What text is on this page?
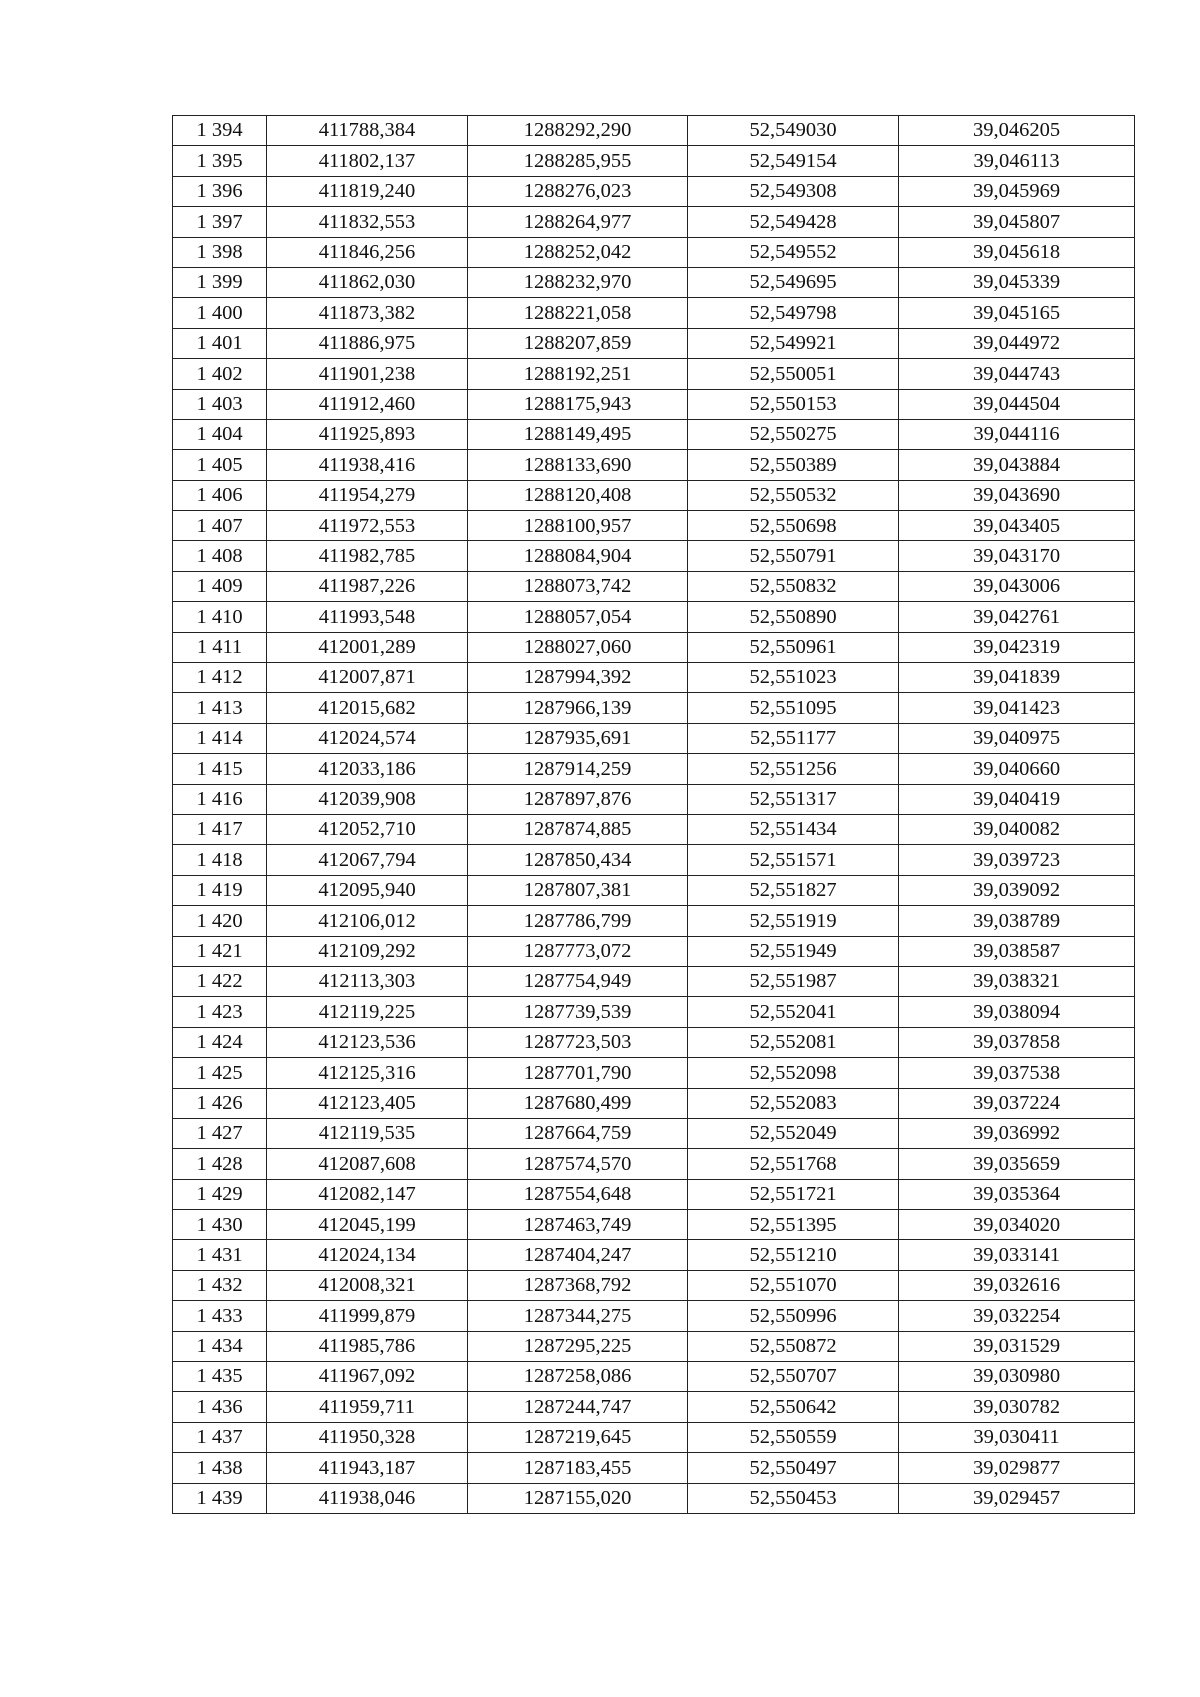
1 394	411788,384	1288292,290	52,549030	39,046205
1 395	411802,137	1288285,955	52,549154	39,046113
1 396	411819,240	1288276,023	52,549308	39,045969
1 397	411832,553	1288264,977	52,549428	39,045807
1 398	411846,256	1288252,042	52,549552	39,045618
1 399	411862,030	1288232,970	52,549695	39,045339
1 400	411873,382	1288221,058	52,549798	39,045165
1 401	411886,975	1288207,859	52,549921	39,044972
1 402	411901,238	1288192,251	52,550051	39,044743
1 403	411912,460	1288175,943	52,550153	39,044504
1 404	411925,893	1288149,495	52,550275	39,044116
1 405	411938,416	1288133,690	52,550389	39,043884
1 406	411954,279	1288120,408	52,550532	39,043690
1 407	411972,553	1288100,957	52,550698	39,043405
1 408	411982,785	1288084,904	52,550791	39,043170
1 409	411987,226	1288073,742	52,550832	39,043006
1 410	411993,548	1288057,054	52,550890	39,042761
1 411	412001,289	1288027,060	52,550961	39,042319
1 412	412007,871	1287994,392	52,551023	39,041839
1 413	412015,682	1287966,139	52,551095	39,041423
1 414	412024,574	1287935,691	52,551177	39,040975
1 415	412033,186	1287914,259	52,551256	39,040660
1 416	412039,908	1287897,876	52,551317	39,040419
1 417	412052,710	1287874,885	52,551434	39,040082
1 418	412067,794	1287850,434	52,551571	39,039723
1 419	412095,940	1287807,381	52,551827	39,039092
1 420	412106,012	1287786,799	52,551919	39,038789
1 421	412109,292	1287773,072	52,551949	39,038587
1 422	412113,303	1287754,949	52,551987	39,038321
1 423	412119,225	1287739,539	52,552041	39,038094
1 424	412123,536	1287723,503	52,552081	39,037858
1 425	412125,316	1287701,790	52,552098	39,037538
1 426	412123,405	1287680,499	52,552083	39,037224
1 427	412119,535	1287664,759	52,552049	39,036992
1 428	412087,608	1287574,570	52,551768	39,035659
1 429	412082,147	1287554,648	52,551721	39,035364
1 430	412045,199	1287463,749	52,551395	39,034020
1 431	412024,134	1287404,247	52,551210	39,033141
1 432	412008,321	1287368,792	52,551070	39,032616
1 433	411999,879	1287344,275	52,550996	39,032254
1 434	411985,786	1287295,225	52,550872	39,031529
1 435	411967,092	1287258,086	52,550707	39,030980
1 436	411959,711	1287244,747	52,550642	39,030782
1 437	411950,328	1287219,645	52,550559	39,030411
1 438	411943,187	1287183,455	52,550497	39,029877
1 439	411938,046	1287155,020	52,550453	39,029457
